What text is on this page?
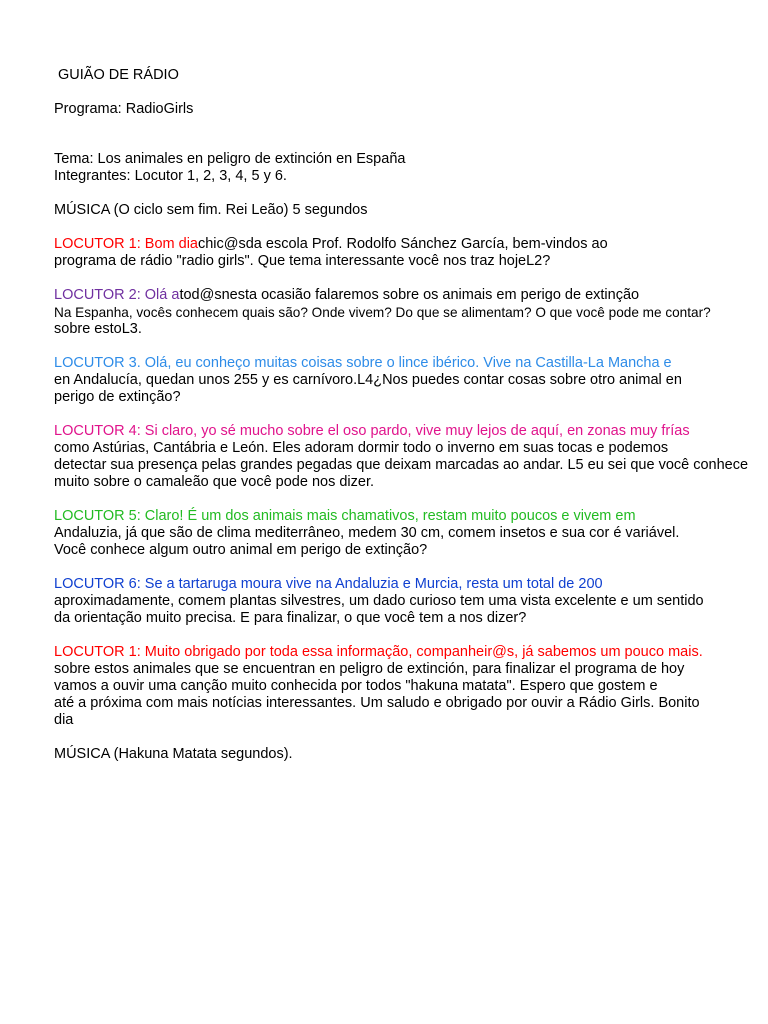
GUIÃO DE RÁDIO
Programa: RadioGirls
Tema: Los animales en peligro de extinción en España
Integrantes: Locutor 1, 2, 3, 4, 5 y 6.
MÚSICA (O ciclo sem fim. Rei Leão) 5 segundos
LOCUTOR 1: Bom diachic@sda escola Prof. Rodolfo Sánchez García, bem-vindos ao
programa de rádio "radio girls". Que tema interessante você nos traz hojeL2?
LOCUTOR 2: Olá atod@snesta ocasião falaremos sobre os animais em perigo de extinção
Na Espanha, vocês conhecem quais são? Onde vivem? Do que se alimentam? O que você pode me contar?
sobre estoL3.
LOCUTOR 3. Olá, eu conheço muitas coisas sobre o lince ibérico. Vive na Castilla-La Mancha e
en Andalucía, quedan unos 255 y es carnívoro.L4¿Nos puedes contar cosas sobre otro animal en
perigo de extinção?
LOCUTOR 4: Si claro, yo sé mucho sobre el oso pardo, vive muy lejos de aquí, en zonas muy frías
como Astúrias, Cantábria e León. Eles adoram dormir todo o inverno em suas tocas e podemos
detectar sua presença pelas grandes pegadas que deixam marcadas ao andar. L5 eu sei que você conhece
muito sobre o camaleão que você pode nos dizer.
LOCUTOR 5: Claro! É um dos animais mais chamativos, restam muito poucos e vivem em
Andaluzia, já que são de clima mediterrâneo, medem 30 cm, comem insetos e sua cor é variável.
Você conhece algum outro animal em perigo de extinção?
LOCUTOR 6: Se a tartaruga moura vive na Andaluzia e Murcia, resta um total de 200
aproximadamente, comem plantas silvestres, um dado curioso tem uma vista excelente e um sentido
da orientação muito precisa. E para finalizar, o que você tem a nos dizer?
LOCUTOR 1: Muito obrigado por toda essa informação, companheir@s, já sabemos um pouco mais.
sobre estos animales que se encuentran en peligro de extinción, para finalizar el programa de hoy
vamos a ouvir uma canção muito conhecida por todos "hakuna matata". Espero que gostem e
até a próxima com mais notícias interessantes. Um saludo e obrigado por ouvir a Rádio Girls. Bonito
dia
MÚSICA (Hakuna Matata segundos).
